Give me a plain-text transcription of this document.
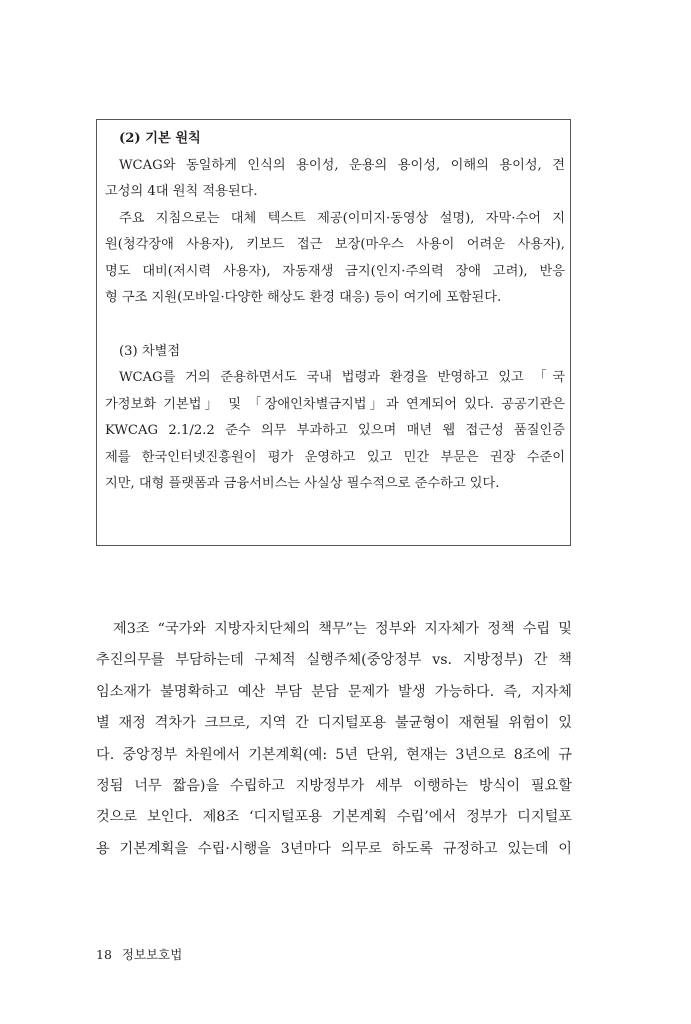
(2) 기본 원칙
WCAG와 동일하게 인식의 용이성, 운용의 용이성, 이해의 용이성, 견
고성의 4대 원칙 적용된다.
주요 지침으로는 대체 텍스트 제공(이미지·동영상 설명), 자막·수어 지
원(청각장애 사용자), 키보드 접근 보장(마우스 사용이 어려운 사용자),
명도 대비(저시력 사용자), 자동재생 금지(인지·주의력 장애 고려), 반응
형 구조 지원(모바일·다양한 해상도 환경 대응) 등이 여기에 포함된다.
(3) 차별점
WCAG를 거의 준용하면서도 국내 법령과 환경을 반영하고 있고 「국
가정보화 기본법」 및 「장애인차별금지법」과 연계되어 있다. 공공기관은
KWCAG 2.1/2.2 준수 의무 부과하고 있으며 매년 웹 접근성 품질인증
제를 한국인터넷진흥원이 평가 운영하고 있고 민간 부문은 권장 수준이
지만, 대형 플랫폼과 금융서비스는 사실상 필수적으로 준수하고 있다.
제3조 “국가와 지방자치단체의 책무”는 정부와 지자체가 정책 수립 및
추진의무를 부담하는데 구체적 실행주체(중앙정부 vs. 지방정부) 간 책
임소재가 불명확하고 예산 부담 분담 문제가 발생 가능하다. 즉, 지자체
별 재정 격차가 크므로, 지역 간 디지털포용 불균형이 재현될 위험이 있
다. 중앙정부 차원에서 기본계획(예: 5년 단위, 현재는 3년으로 8조에 규
정됨 너무 짧음)을 수립하고 지방정부가 세부 이행하는 방식이 필요할
것으로 보인다. 제8조 ‘디지털포용 기본계획 수립’에서 정부가 디지털포
용 기본계획을 수립·시행을 3년마다 의무로 하도록 규정하고 있는데 이
18 정보보호법
